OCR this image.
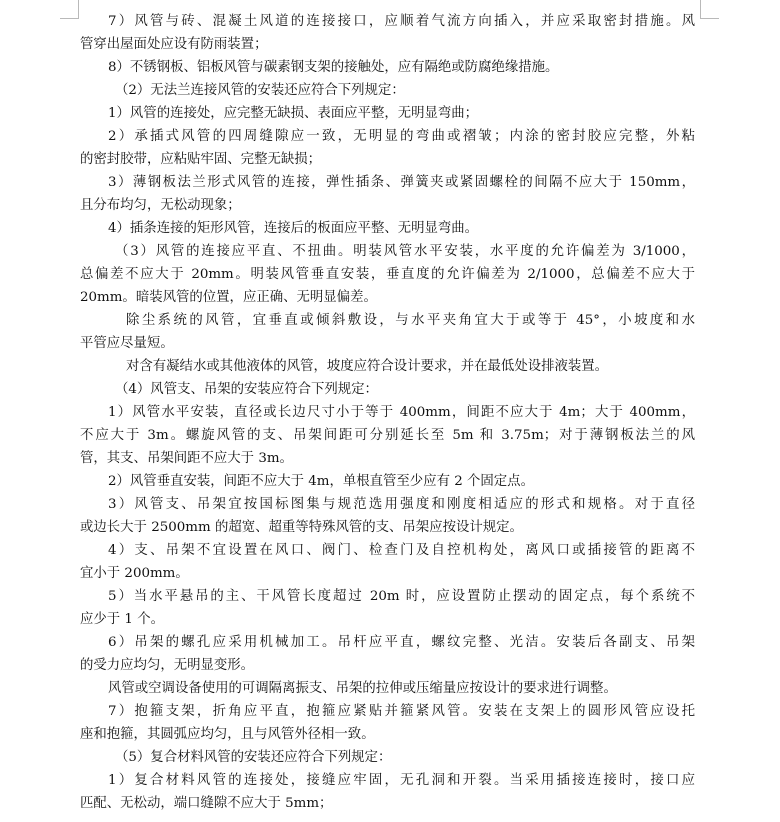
7）风管与砖、混凝土风道的连接接口，应顺着气流方向插入，并应采取密封措施。风
管穿出屋面处应设有防雨装置；
8）不锈钢板、铝板风管与碳素钢支架的接触处，应有隔绝或防腐绝缘措施。
（2）无法兰连接风管的安装还应符合下列规定：
1）风管的连接处，应完整无缺损、表面应平整，无明显弯曲；
2）承插式风管的四周缝隙应一致，无明显的弯曲或褶皱；内涂的密封胶应完整，外粘
的密封胶带，应粘贴牢固、完整无缺损；
3）薄钢板法兰形式风管的连接，弹性插条、弹簧夹或紧固螺栓的间隔不应大于 150mm，
且分布均匀，无松动现象；
4）插条连接的矩形风管，连接后的板面应平整、无明显弯曲。
（3）风管的连接应平直、不扭曲。明装风管水平安装，水平度的允许偏差为 3/1000，
总偏差不应大于 20mm。明装风管垂直安装，垂直度的允许偏差为 2/1000，总偏差不应大于
20mm。暗装风管的位置，应正确、无明显偏差。
除尘系统的风管，宜垂直或倾斜敷设，与水平夹角宜大于或等于 45°，小坡度和水
平管应尽量短。
对含有凝结水或其他液体的风管，坡度应符合设计要求，并在最低处设排液装置。
（4）风管支、吊架的安装应符合下列规定：
1）风管水平安装，直径或长边尺寸小于等于 400mm，间距不应大于 4m；大于 400mm，
不应大于 3m。螺旋风管的支、吊架间距可分别延长至 5m 和 3.75m；对于薄钢板法兰的风
管，其支、吊架间距不应大于 3m。
2）风管垂直安装，间距不应大于 4m，单根直管至少应有 2 个固定点。
3）风管支、吊架宜按国标图集与规范选用强度和刚度相适应的形式和规格。对于直径
或边长大于 2500mm 的超宽、超重等特殊风管的支、吊架应按设计规定。
4）支、吊架不宜设置在风口、阀门、检查门及自控机构处，离风口或插接管的距离不
宜小于 200mm。
5）当水平悬吊的主、干风管长度超过 20m 时，应设置防止摆动的固定点，每个系统不
应少于 1 个。
6）吊架的螺孔应采用机械加工。吊杆应平直，螺纹完整、光洁。安装后各副支、吊架
的受力应均匀，无明显变形。
风管或空调设备使用的可调隔离振支、吊架的拉伸或压缩量应按设计的要求进行调整。
7）抱箍支架，折角应平直，抱箍应紧贴并箍紧风管。安装在支架上的圆形风管应设托
座和抱箍，其圆弧应均匀，且与风管外径相一致。
（5）复合材料风管的安装还应符合下列规定：
1）复合材料风管的连接处，接缝应牢固，无孔洞和开裂。当采用插接连接时，接口应
匹配、无松动，端口缝隙不应大于 5mm；
